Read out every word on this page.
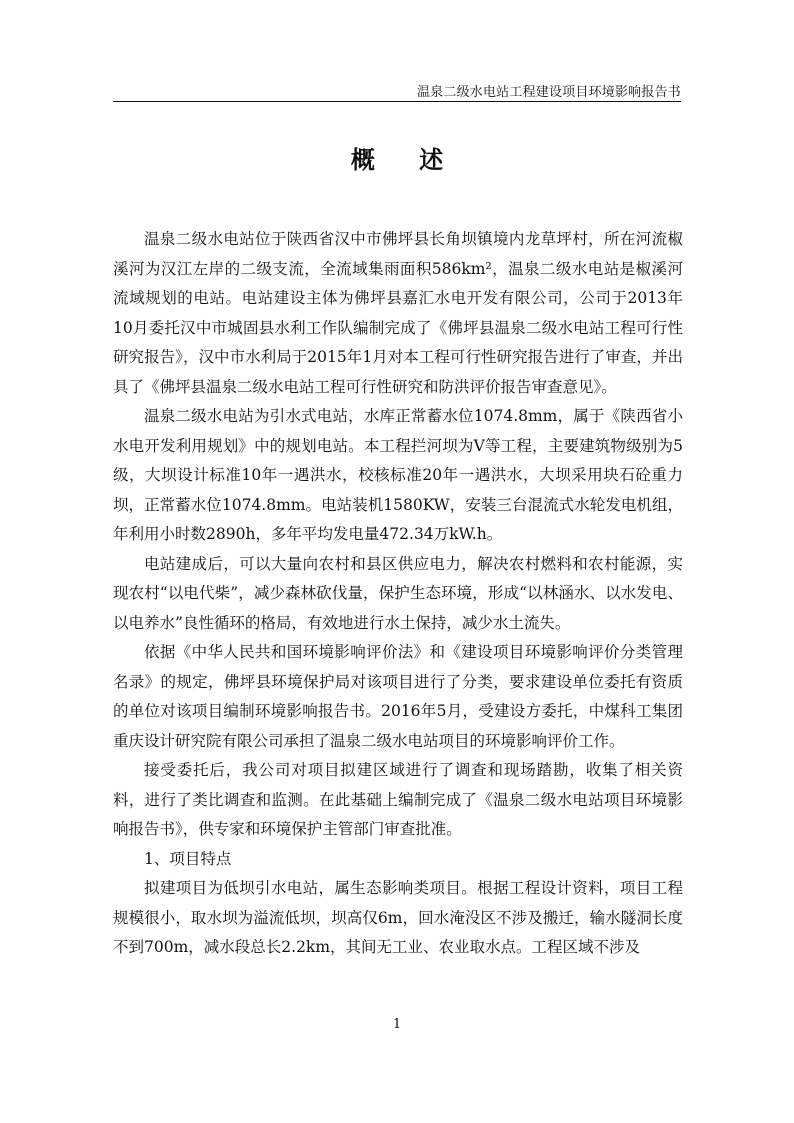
温泉二级水电站工程建设项目环境影响报告书
概 述

温泉二级水电站位于陕西省汉中市佛坪县长角坝镇境内龙草坪村，所在河流椒溪河为汉江左岸的二级支流，全流域集雨面积586km²，温泉二级水电站是椒溪河流域规划的电站。电站建设主体为佛坪县嘉汇水电开发有限公司，公司于2013年10月委托汉中市城固县水利工作队编制完成了《佛坪县温泉二级水电站工程可行性研究报告》，汉中市水利局于2015年1月对本工程可行性研究报告进行了审查，并出具了《佛坪县温泉二级水电站工程可行性研究和防洪评价报告审查意见》。

温泉二级水电站为引水式电站，水库正常蓄水位1074.8mm，属于《陕西省小水电开发利用规划》中的规划电站。本工程拦河坝为Ⅴ等工程，主要建筑物级别为5级，大坝设计标准10年一遇洪水，校核标准20年一遇洪水，大坝采用块石砼重力坝，正常蓄水位1074.8mm。电站装机1580KW，安装三台混流式水轮发电机组，年利用小时数2890h，多年平均发电量472.34万kW.h。

电站建成后，可以大量向农村和县区供应电力，解决农村燃料和农村能源，实现农村“以电代柴”，减少森林砍伐量，保护生态环境，形成“以林涵水、以水发电、以电养水”良性循环的格局，有效地进行水土保持，减少水土流失。

依据《中华人民共和国环境影响评价法》和《建设项目环境影响评价分类管理名录》的规定，佛坪县环境保护局对该项目进行了分类，要求建设单位委托有资质的单位对该项目编制环境影响报告书。2016年5月，受建设方委托，中煤科工集团重庆设计研究院有限公司承担了温泉二级水电站项目的环境影响评价工作。

接受委托后，我公司对项目拟建区域进行了调查和现场踏勘，收集了相关资料，进行了类比调查和监测。在此基础上编制完成了《温泉二级水电站项目环境影响报告书》，供专家和环境保护主管部门审查批准。

1、项目特点

拟建项目为低坝引水电站，属生态影响类项目。根据工程设计资料，项目工程规模很小，取水坝为溢流低坝，坝高仅6m，回水淹没区不涉及搬迁，输水隧洞长度不到700m，减水段总长2.2km，其间无工业、农业取水点。工程区域不涉及

1
